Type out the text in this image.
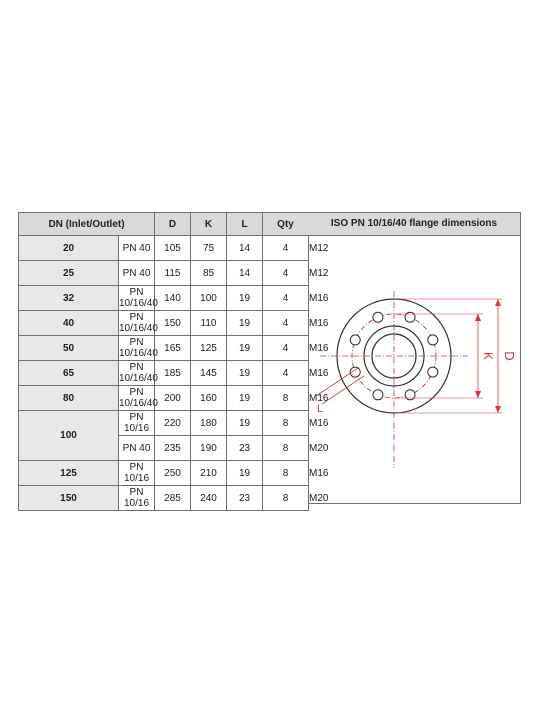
DN (Inlet/Outlet)		D	K	L	Qty	
20	PN 40	105	75	14	4	M12
25	PN 40	115	85	14	4	M12
32	PN 10/16/40	140	100	19	4	M16
40	PN 10/16/40	150	110	19	4	M16
50	PN 10/16/40	165	125	19	4	M16
65	PN 10/16/40	185	145	19	4	M16
80	PN 10/16/40	200	160	19	8	M16
100	PN 10/16	220	180	19	8	M16
	PN 40	235	190	23	8	M20
125	PN 10/16	250	210	19	8	M16
150	PN 10/16	285	240	23	8	M20
ISO PN 10/16/40 flange dimensions
D
K
L
